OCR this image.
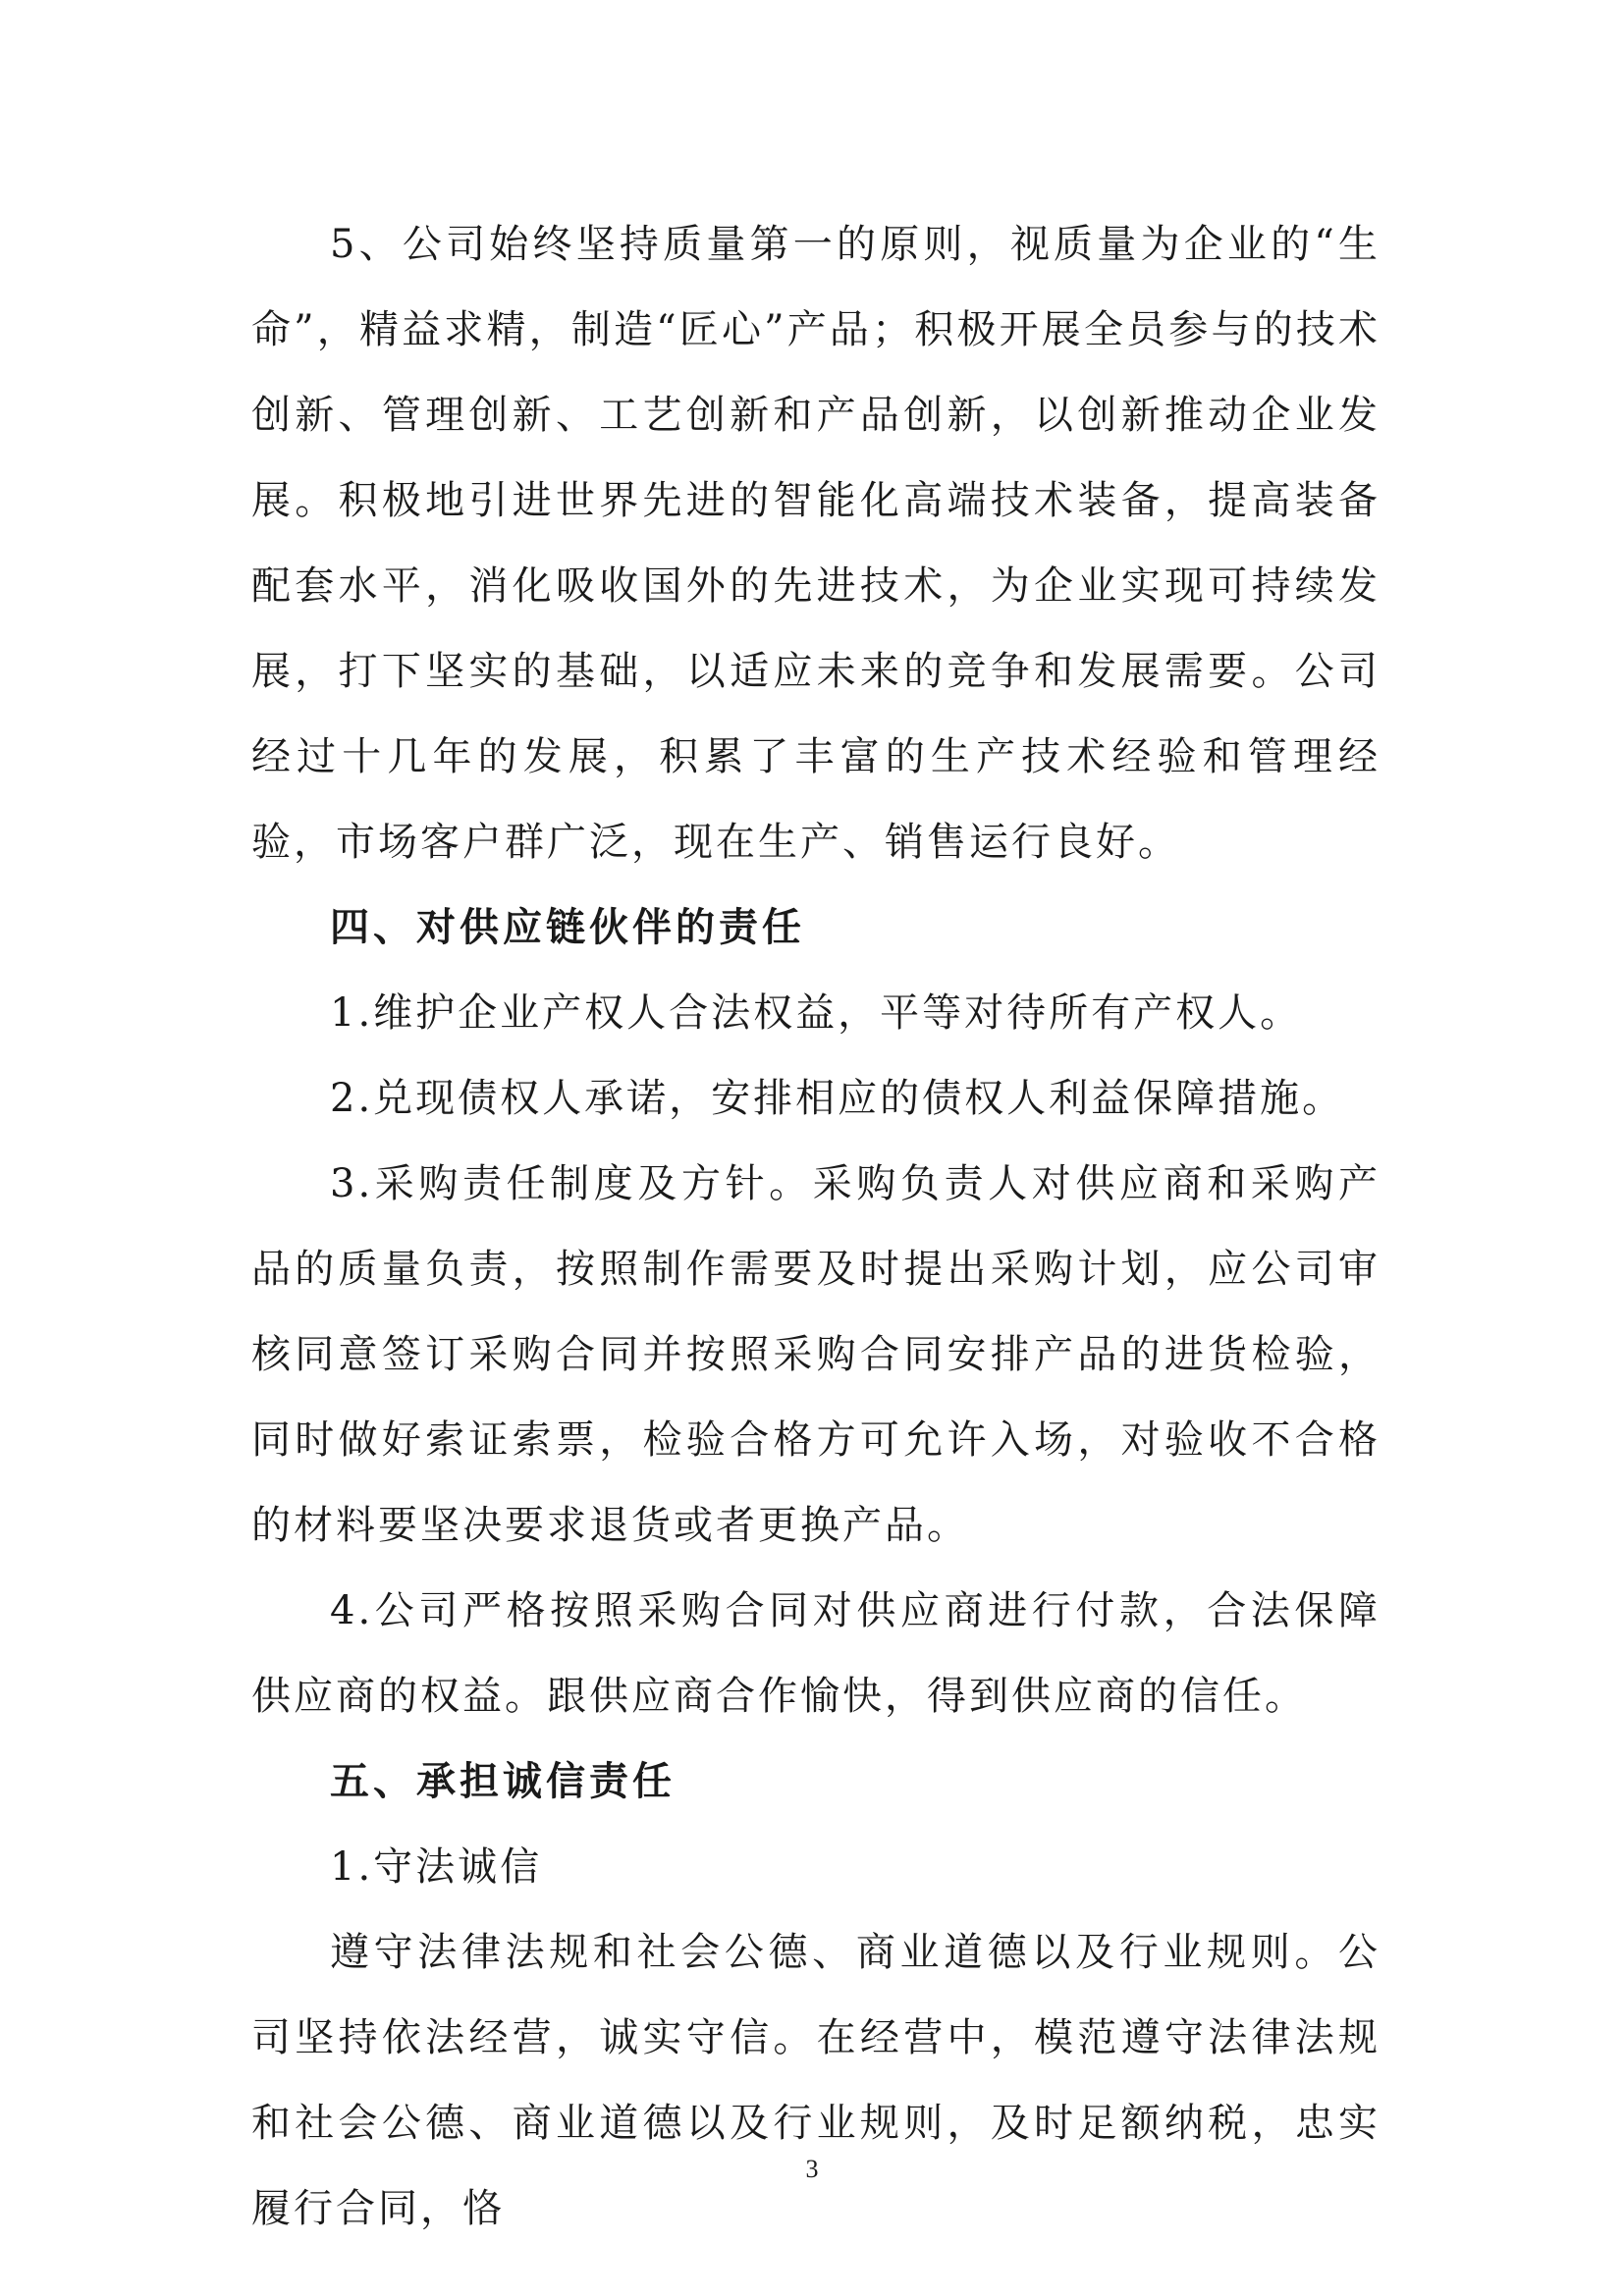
5、公司始终坚持质量第一的原则，视质量为企业的“生命”，精益求精，制造“匠心”产品；积极开展全员参与的技术创新、管理创新、工艺创新和产品创新，以创新推动企业发展。积极地引进世界先进的智能化高端技术装备，提高装备配套水平，消化吸收国外的先进技术，为企业实现可持续发展，打下坚实的基础，以适应未来的竞争和发展需要。公司经过十几年的发展，积累了丰富的生产技术经验和管理经验，市场客户群广泛，现在生产、销售运行良好。

四、对供应链伙伴的责任

1.维护企业产权人合法权益，平等对待所有产权人。

2.兑现债权人承诺，安排相应的债权人利益保障措施。

3.采购责任制度及方针。采购负责人对供应商和采购产品的质量负责，按照制作需要及时提出采购计划，应公司审核同意签订采购合同并按照采购合同安排产品的进货检验，同时做好索证索票，检验合格方可允许入场，对验收不合格的材料要坚决要求退货或者更换产品。

4.公司严格按照采购合同对供应商进行付款，合法保障供应商的权益。跟供应商合作愉快，得到供应商的信任。

五、承担诚信责任

1.守法诚信

遵守法律法规和社会公德、商业道德以及行业规则。公司坚持依法经营，诚实守信。在经营中，模范遵守法律法规和社会公德、商业道德以及行业规则，及时足额纳税，忠实履行合同，恪

3
